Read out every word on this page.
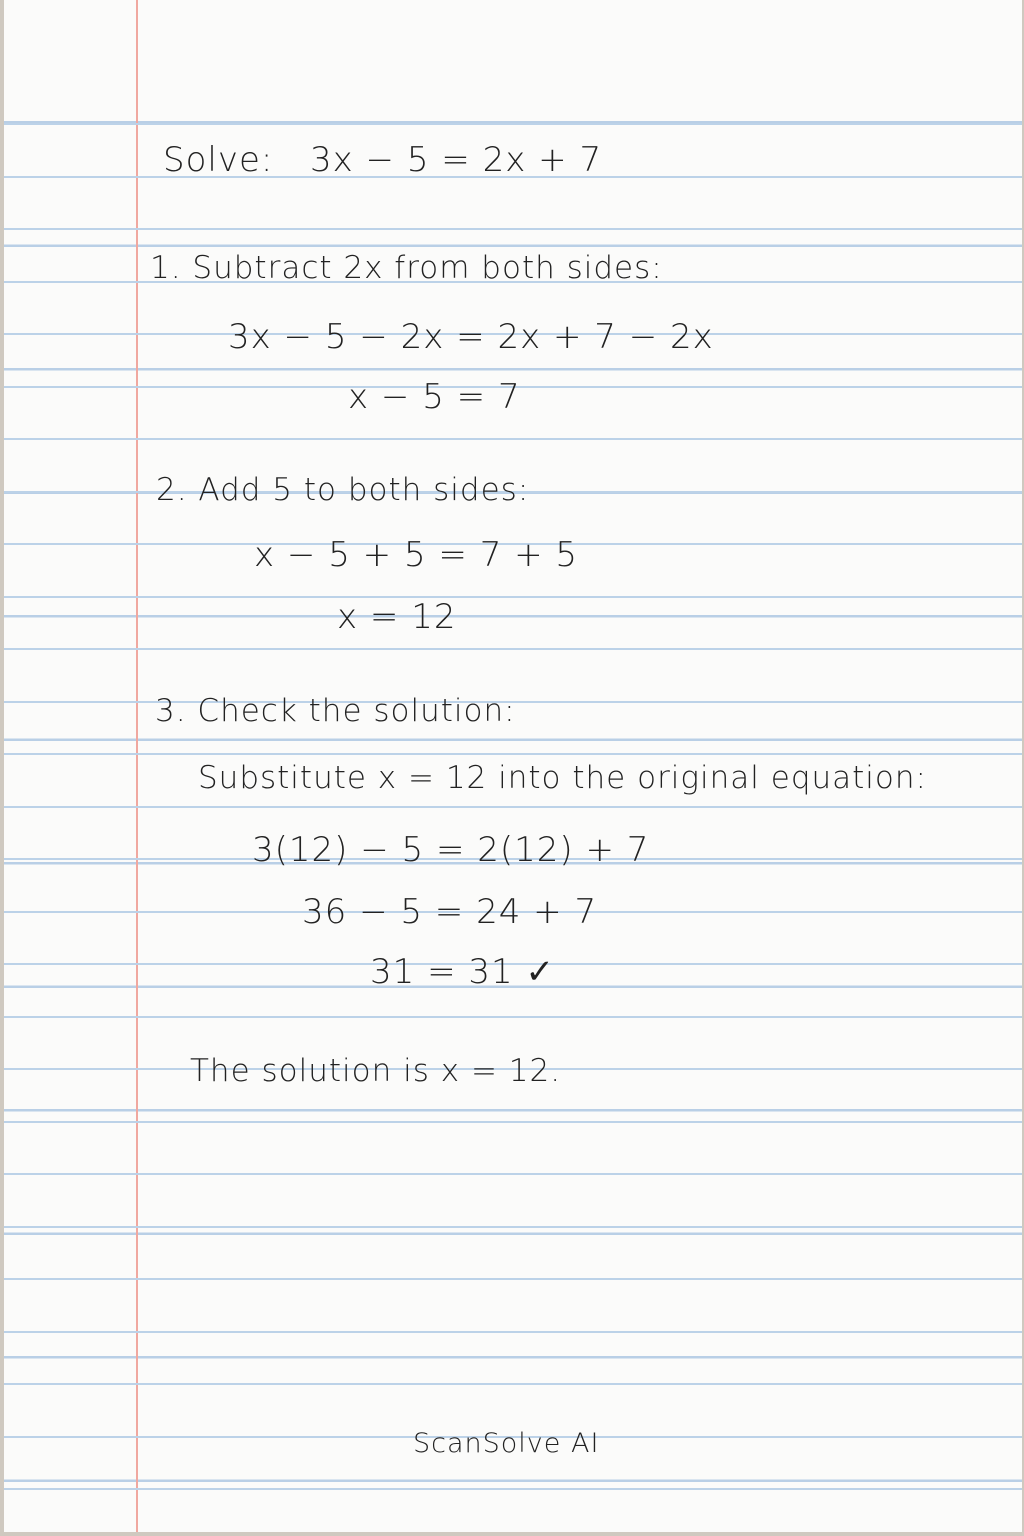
Solve: 3x − 5 = 2x + 7
1. Subtract 2x from both sides:
3x − 5 − 2x = 2x + 7 − 2x
x − 5 = 7
2. Add 5 to both sides:
x − 5 + 5 = 7 + 5
x = 12
3. Check the solution:
Substitute x = 12 into the original equation:
3(12) − 5 = 2(12) + 7
36 − 5 = 24 + 7
31 = 31 ✓
The solution is x = 12.
ScanSolve AI
